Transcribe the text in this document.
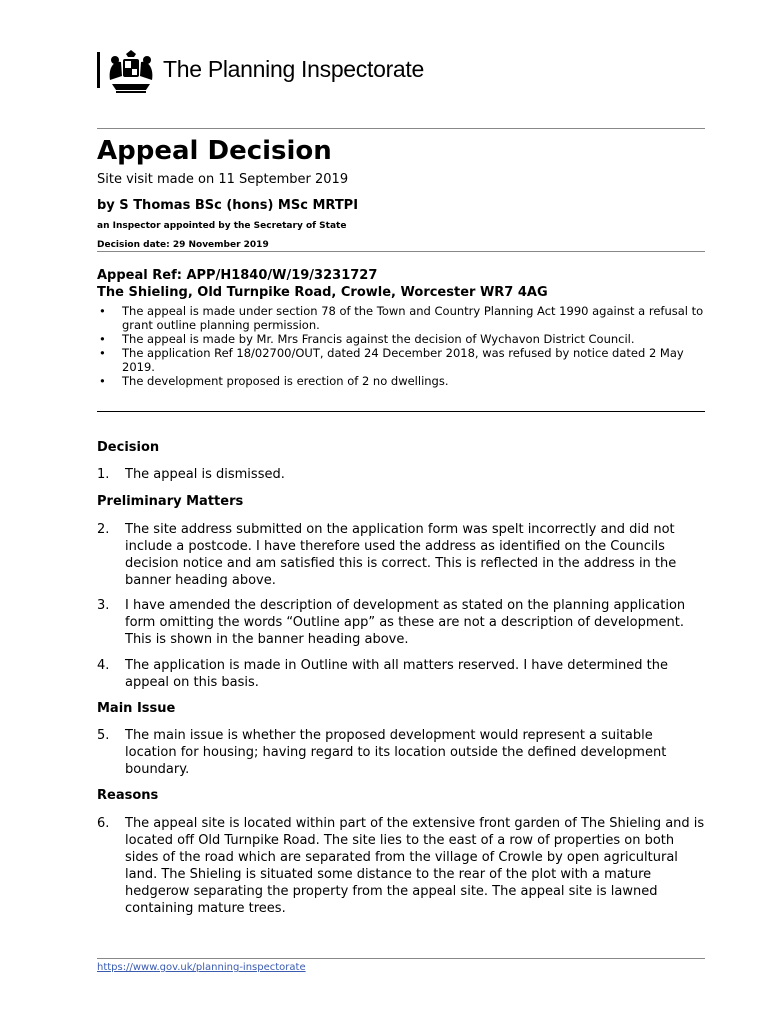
The Planning Inspectorate
Appeal Decision
Site visit made on 11 September 2019
by S Thomas BSc (hons) MSc MRTPI
an Inspector appointed by the Secretary of State
Decision date: 29 November 2019
Appeal Ref: APP/H1840/W/19/3231727
The Shieling, Old Turnpike Road, Crowle, Worcester WR7 4AG
• The appeal is made under section 78 of the Town and Country Planning Act 1990 against a refusal to grant outline planning permission.
• The appeal is made by Mr. Mrs Francis against the decision of Wychavon District Council.
• The application Ref 18/02700/OUT, dated 24 December 2018, was refused by notice dated 2 May 2019.
• The development proposed is erection of 2 no dwellings.
Decision
1.	The appeal is dismissed.
Preliminary Matters
2.	The site address submitted on the application form was spelt incorrectly and did not include a postcode. I have therefore used the address as identified on the Councils decision notice and am satisfied this is correct. This is reflected in the address in the banner heading above.
3.	I have amended the description of development as stated on the planning application form omitting the words “Outline app” as these are not a description of development. This is shown in the banner heading above.
4.	The application is made in Outline with all matters reserved. I have determined the appeal on this basis.
Main Issue
5.	The main issue is whether the proposed development would represent a suitable location for housing; having regard to its location outside the defined development boundary.
Reasons
6.	The appeal site is located within part of the extensive front garden of The Shieling and is located off Old Turnpike Road. The site lies to the east of a row of properties on both sides of the road which are separated from the village of Crowle by open agricultural land. The Shieling is situated some distance to the rear of the plot with a mature hedgerow separating the property from the appeal site. The appeal site is lawned containing mature trees.
https://www.gov.uk/planning-inspectorate
